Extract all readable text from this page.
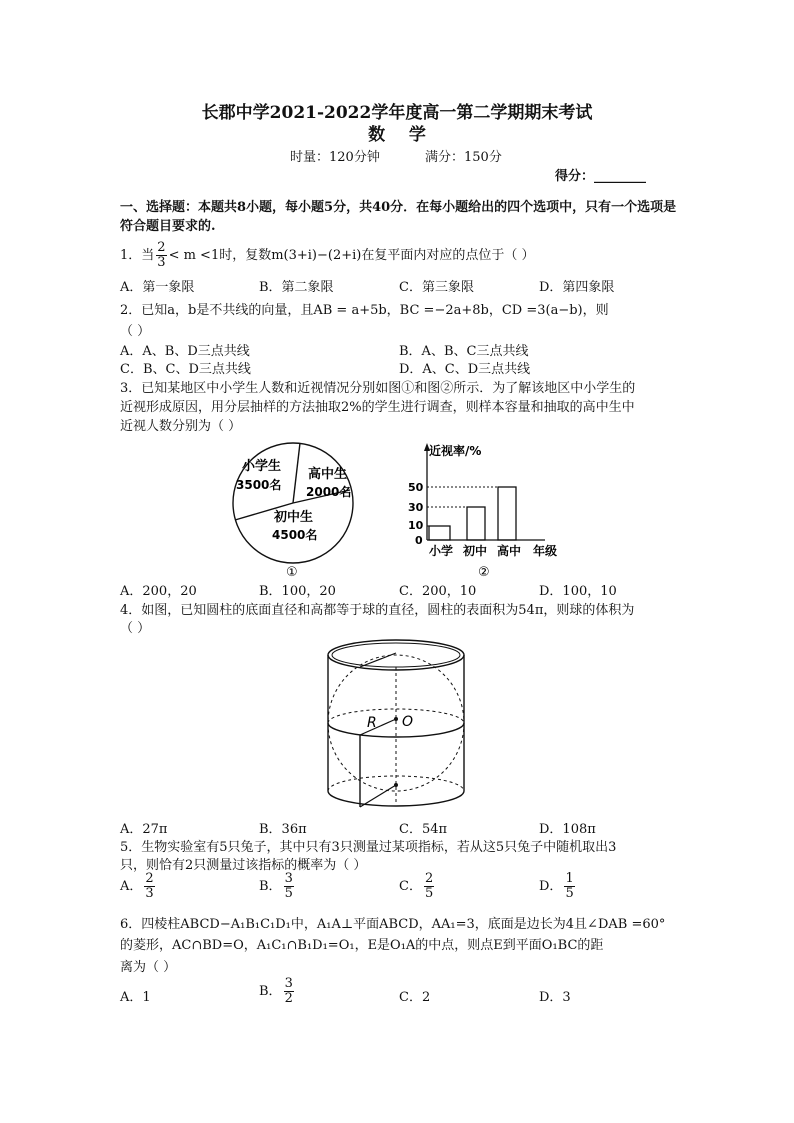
长郡中学2021-2022学年度高一第二学期期末考试
数    学
时量：120分钟	满分：150分
得分：________
一、选择题：本题共8小题，每小题5分，共40分．在每小题给出的四个选项中，只有一个选项是符合题目要求的.
1．当 $\frac{2}{3} < m <1$时，复数m(3+i)−(2+i)在复平面内对应的点位于（ ）
A．第一象限	B．第二象限	C．第三象限	D．第四象限
2．已知a，b是不共线的向量，且AB = a+5b，BC =−2a+8b，CD =3(a−b)，则
（ ）
A．A、B、D三点共线	B．A、B、C三点共线
C．B、C、D三点共线	D．A、C、D三点共线
3．已知某地区中小学生人数和近视情况分别如图①和图②所示．为了解该地区中小学生的
近视形成原因，用分层抽样的方法抽取2%的学生进行调查，则样本容量和抽取的高中生中
近视人数分别为（ ）
小学生
3500名
高中生
2000名
初中生
4500名
①
近视率/%
0
10
30
50
小学 初中 高中 年级
②
A．200，20	B．100，20	C．200，10	D．100，10
4．如图，已知圆柱的底面直径和高都等于球的直径，圆柱的表面积为54π，则球的体积为
（ ）
R O
A．27π	B．36π	C．54π	D．108π
5．生物实验室有5只兔子，其中只有3只测量过某项指标，若从这5只兔子中随机取出3
只，则恰有2只测量过该指标的概率为（ ）
A． $\frac{2}{3}$	B． $\frac{3}{5}$	C． $\frac{2}{5}$	D． $\frac{1}{5}$
6．四棱柱ABCD−A₁B₁C₁D₁中，A₁A⊥平面ABCD，AA₁=3，底面是边长为4且∠DAB =60°
的菱形，AC∩BD=O，A₁C₁∩B₁D₁=O₁，E是O₁A的中点，则点E到平面O₁BC的距
离为（ ）
A．1	B． $\frac{3}{2}$	C．2	D．3
